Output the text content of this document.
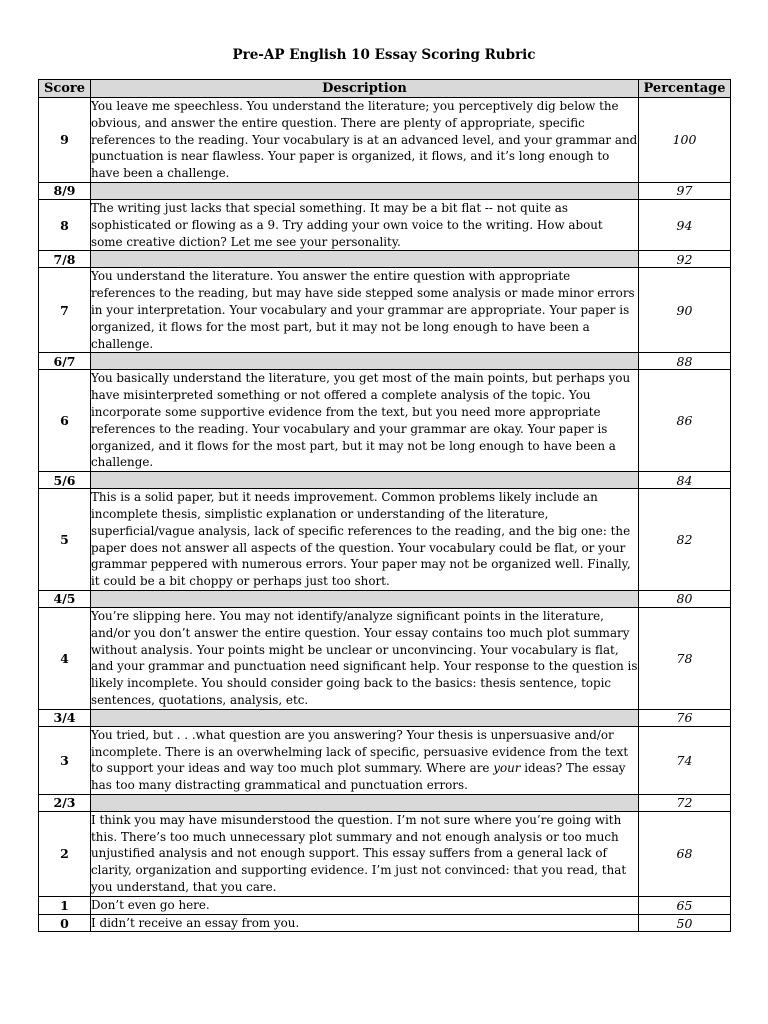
Pre-AP English 10 Essay Scoring Rubric
Score	Description	Percentage
9	You leave me speechless. You understand the literature; you perceptively dig below the obvious, and answer the entire question. There are plenty of appropriate, specific references to the reading. Your vocabulary is at an advanced level, and your grammar and punctuation is near flawless. Your paper is organized, it flows, and it’s long enough to have been a challenge.	100
8/9		97
8	The writing just lacks that special something. It may be a bit flat -- not quite as sophisticated or flowing as a 9. Try adding your own voice to the writing. How about some creative diction? Let me see your personality.	94
7/8		92
7	You understand the literature. You answer the entire question with appropriate references to the reading, but may have side stepped some analysis or made minor errors in your interpretation. Your vocabulary and your grammar are appropriate. Your paper is organized, it flows for the most part, but it may not be long enough to have been a challenge.	90
6/7		88
6	You basically understand the literature, you get most of the main points, but perhaps you have misinterpreted something or not offered a complete analysis of the topic. You incorporate some supportive evidence from the text, but you need more appropriate references to the reading. Your vocabulary and your grammar are okay. Your paper is organized, and it flows for the most part, but it may not be long enough to have been a challenge.	86
5/6		84
5	This is a solid paper, but it needs improvement. Common problems likely include an incomplete thesis, simplistic explanation or understanding of the literature, superficial/vague analysis, lack of specific references to the reading, and the big one: the paper does not answer all aspects of the question. Your vocabulary could be flat, or your grammar peppered with numerous errors. Your paper may not be organized well. Finally, it could be a bit choppy or perhaps just too short.	82
4/5		80
4	You’re slipping here. You may not identify/analyze significant points in the literature, and/or you don’t answer the entire question. Your essay contains too much plot summary without analysis. Your points might be unclear or unconvincing. Your vocabulary is flat, and your grammar and punctuation need significant help. Your response to the question is likely incomplete. You should consider going back to the basics: thesis sentence, topic sentences, quotations, analysis, etc.	78
3/4		76
3	You tried, but . . .what question are you answering? Your thesis is unpersuasive and/or incomplete. There is an overwhelming lack of specific, persuasive evidence from the text to support your ideas and way too much plot summary. Where are your ideas? The essay has too many distracting grammatical and punctuation errors.	74
2/3		72
2	I think you may have misunderstood the question. I’m not sure where you’re going with this. There’s too much unnecessary plot summary and not enough analysis or too much unjustified analysis and not enough support. This essay suffers from a general lack of clarity, organization and supporting evidence. I’m just not convinced: that you read, that you understand, that you care.	68
1	Don’t even go here.	65
0	I didn’t receive an essay from you.	50
